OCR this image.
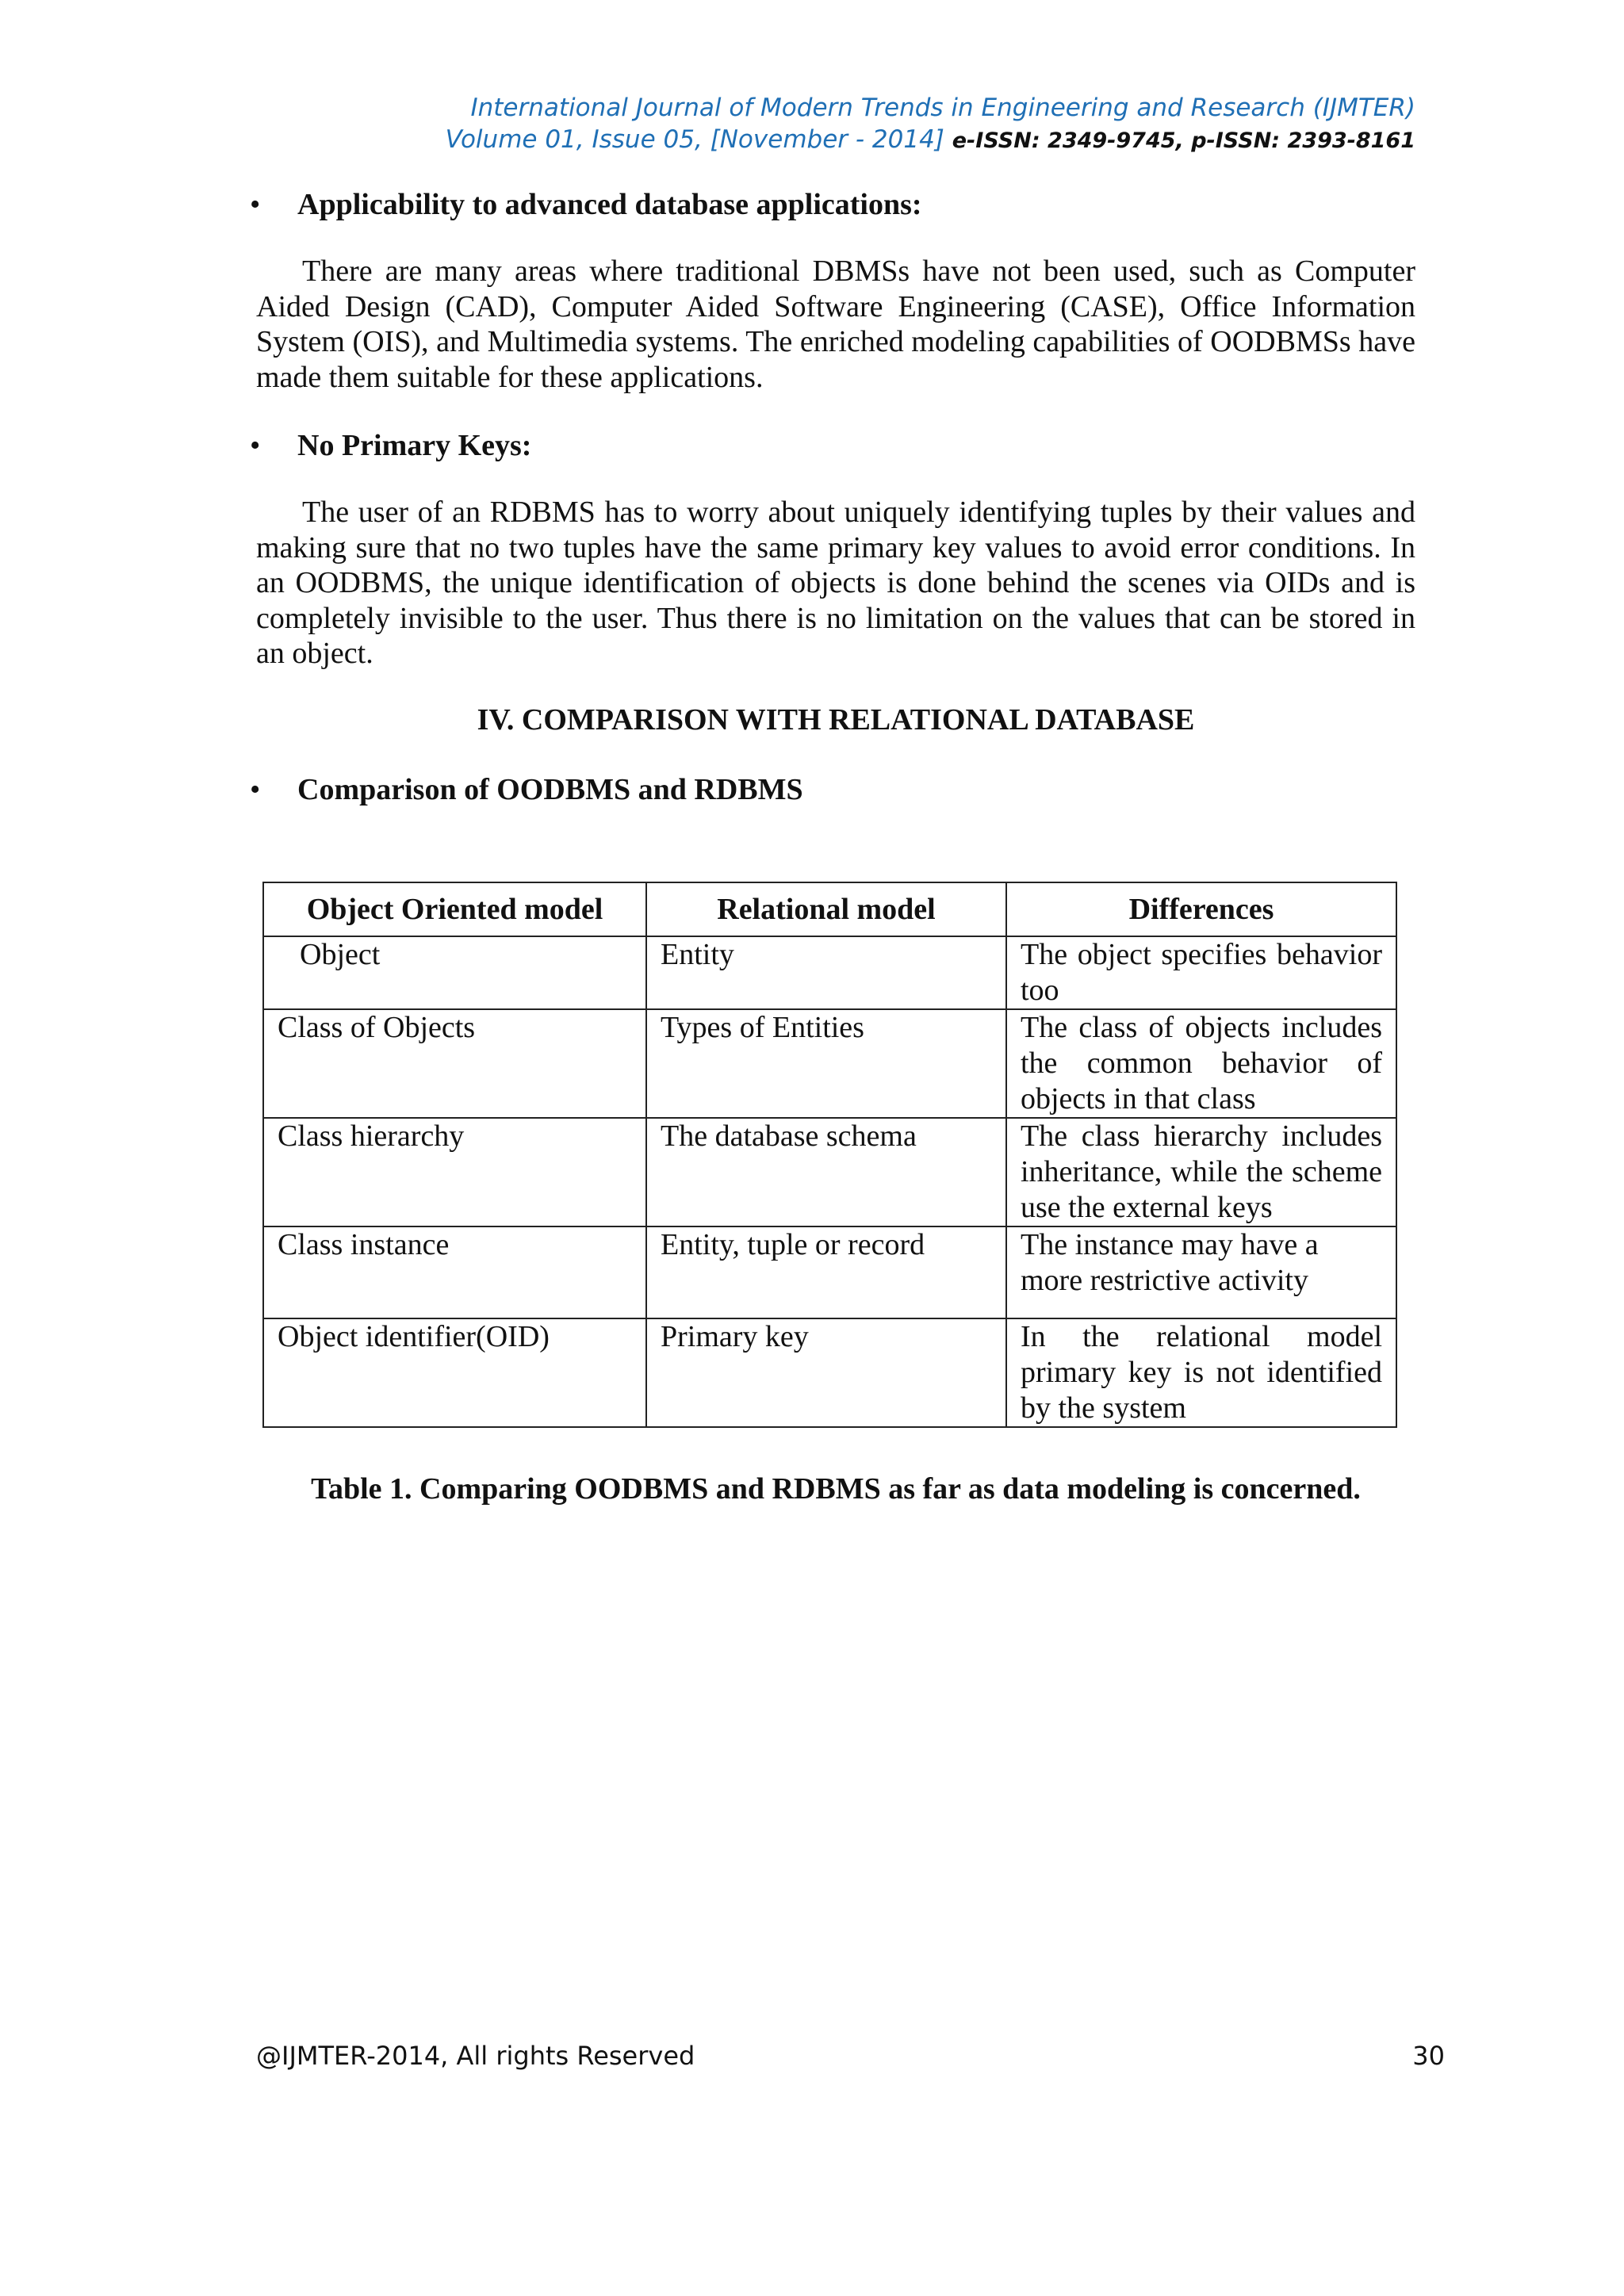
International Journal of Modern Trends in Engineering and Research (IJMTER)
Volume 01, Issue 05, [November - 2014] e-ISSN: 2349-9745, p-ISSN: 2393-8161
• Applicability to advanced database applications:
There are many areas where traditional DBMSs have not been used, such as Computer Aided Design (CAD), Computer Aided Software Engineering (CASE), Office Information System (OIS), and Multimedia systems. The enriched modeling capabilities of OODBMSs have made them suitable for these applications.
• No Primary Keys:
The user of an RDBMS has to worry about uniquely identifying tuples by their values and making sure that no two tuples have the same primary key values to avoid error conditions. In an OODBMS, the unique identification of objects is done behind the scenes via OIDs and is completely invisible to the user. Thus there is no limitation on the values that can be stored in an object.
IV. COMPARISON WITH RELATIONAL DATABASE
• Comparison of OODBMS and RDBMS
Object Oriented model	Relational model	Differences
Object	Entity	The object specifies behavior too
Class of Objects	Types of Entities	The class of objects includes the common behavior of objects in that class
Class hierarchy	The database schema	The class hierarchy includes inheritance, while the scheme use the external keys
Class instance	Entity, tuple or record	The instance may have a more restrictive activity
Object identifier(OID)	Primary key	In the relational model primary key is not identified by the system
Table 1. Comparing OODBMS and RDBMS as far as data modeling is concerned.
@IJMTER-2014, All rights Reserved	30
